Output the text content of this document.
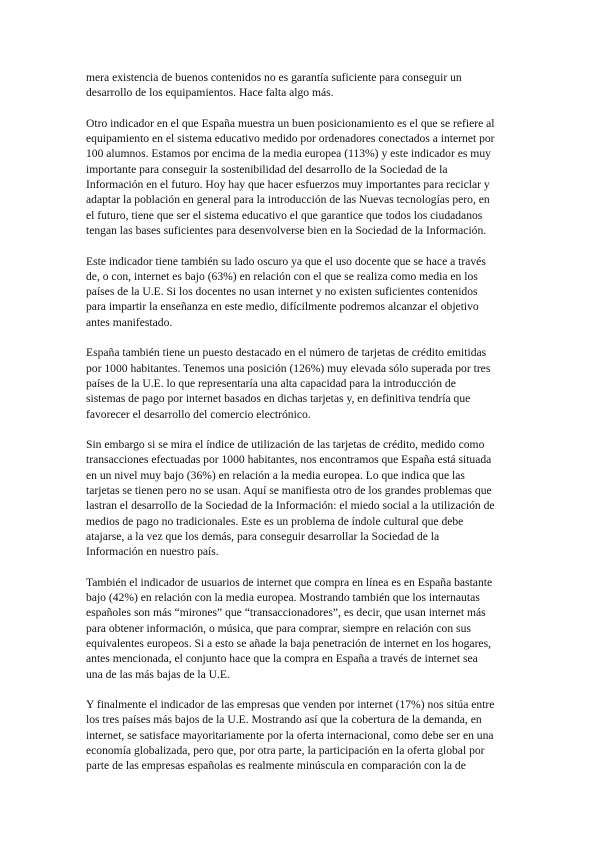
mera existencia de buenos contenidos no es garantía suficiente para conseguir un
desarrollo de los equipamientos. Hace falta algo más.

Otro indicador en el que España muestra un buen posicionamiento es el que se refiere al
equipamiento en el sistema educativo medido por ordenadores conectados a internet por
100 alumnos. Estamos por encima de la media europea (113%) y este indicador es muy
importante para conseguir la sostenibilidad del desarrollo de la Sociedad de la
Información en el futuro. Hoy hay que hacer esfuerzos muy importantes para reciclar y
adaptar la población en general para la introducción de las Nuevas tecnologías pero, en
el futuro, tiene que ser el sistema educativo el que garantice que todos los ciudadanos
tengan las bases suficientes para desenvolverse bien en la Sociedad de la Información.

Este indicador tiene también su lado oscuro ya que el uso docente que se hace a través
de, o con, internet es bajo (63%) en relación con el que se realiza como media en los
países de la U.E. Si los docentes no usan internet y no existen suficientes contenidos
para impartir la enseñanza en este medio, difícilmente podremos alcanzar el objetivo
antes manifestado.

España también tiene un puesto destacado en el número de tarjetas de crédito emitidas
por 1000 habitantes. Tenemos una posición (126%) muy elevada sólo superada por tres
países de la U.E. lo que representaría una alta capacidad para la introducción de
sistemas de pago por internet basados en dichas tarjetas y, en definitiva tendría que
favorecer el desarrollo del comercio electrónico.

Sin embargo si se mira el índice de utilización de las tarjetas de crédito, medido como
transacciones efectuadas por 1000 habitantes, nos encontramos que España está situada
en un nivel muy bajo (36%) en relación a la media europea. Lo que indica que las
tarjetas se tienen pero no se usan. Aquí se manifiesta otro de los grandes problemas que
lastran el desarrollo de la Sociedad de la Información: el miedo social a la utilización de
medios de pago no tradicionales. Este es un problema de índole cultural que debe
atajarse, a la vez que los demás, para conseguir desarrollar la Sociedad de la
Información en nuestro país.

También el indicador de usuarios de internet que compra en línea es en España bastante
bajo (42%) en relación con la media europea. Mostrando también que los internautas
españoles son más “mirones” que “transaccionadores”, es decir, que usan internet más
para obtener información, o música, que para comprar, siempre en relación con sus
equivalentes europeos. Si a esto se añade la baja penetración de internet en los hogares,
antes mencionada, el conjunto hace que la compra en España a través de internet sea
una de las más bajas de la U.E.

Y finalmente el indicador de las empresas que venden por internet (17%) nos sitúa entre
los tres países más bajos de la U.E. Mostrando así que la cobertura de la demanda, en
internet, se satisface mayoritariamente por la oferta internacional, como debe ser en una
economía globalizada, pero que, por otra parte, la participación en la oferta global por
parte de las empresas españolas es realmente minúscula en comparación con la de
